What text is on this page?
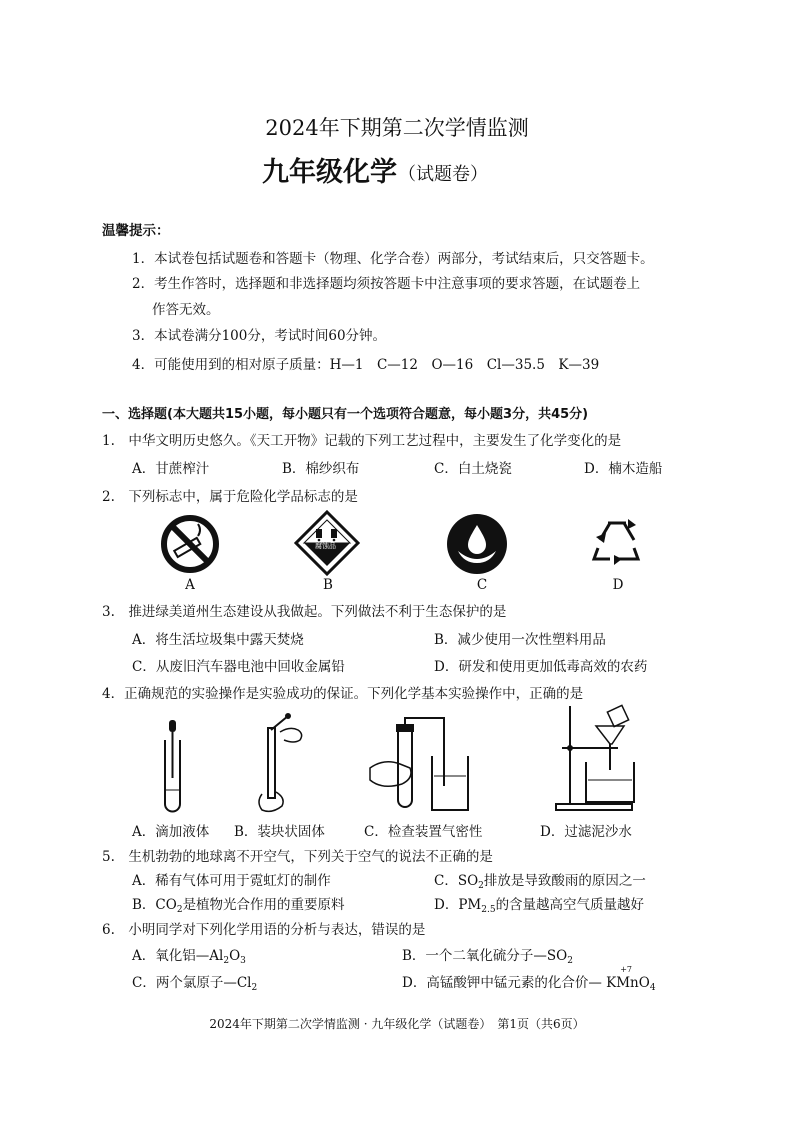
2024年下期第二次学情监测
九年级化学 （试题卷）
温馨提示：
1．本试卷包括试题卷和答题卡（物理、化学合卷）两部分，考试结束后，只交答题卡。
2．考生作答时，选择题和非选择题均须按答题卡中注意事项的要求答题，在试题卷上
作答无效。
3．本试卷满分100分，考试时间60分钟。
4．可能使用到的相对原子质量：H—1　C—12　O—16　Cl—35.5　K—39
一、选择题(本大题共15小题，每小题只有一个选项符合题意，每小题3分，共45分)
1.　中华文明历史悠久。《天工开物》记载的下列工艺过程中，主要发生了化学变化的是
A．甘蔗榨汁	B．棉纱织布	C．白土烧瓷	D．楠木造船
2.　下列标志中，属于危险化学品标志的是
腐蚀品
A	B	C	D
3.　推进绿美道州生态建设从我做起。下列做法不利于生态保护的是
A．将生活垃圾集中露天焚烧	B．减少使用一次性塑料用品
C．从废旧汽车器电池中回收金属铅	D．研发和使用更加低毒高效的农药
4．正确规范的实验操作是实验成功的保证。下列化学基本实验操作中，正确的是
A．滴加液体 B．装块状固体	C．检查装置气密性	D．过滤泥沙水
5.　生机勃勃的地球离不开空气，下列关于空气的说法不正确的是
A．稀有气体可用于霓虹灯的制作	C．$SO_2$排放是导致酸雨的原因之一
B．$CO_2$是植物光合作用的重要原料	D．$PM_{2.5}$的含量越高空气质量越好
6.　小明同学对下列化学用语的分析与表达，错误的是
A．氧化铝$—Al_2O_3$	B．一个二氧化硫分子$—SO_2$
C．两个氯原子$—Cl_2$	D．高锰酸钾中锰元素的化合价— KMn
+7
$O_4$
2024年下期第二次学情监测 · 九年级化学（试题卷）　第1页（共6页）
